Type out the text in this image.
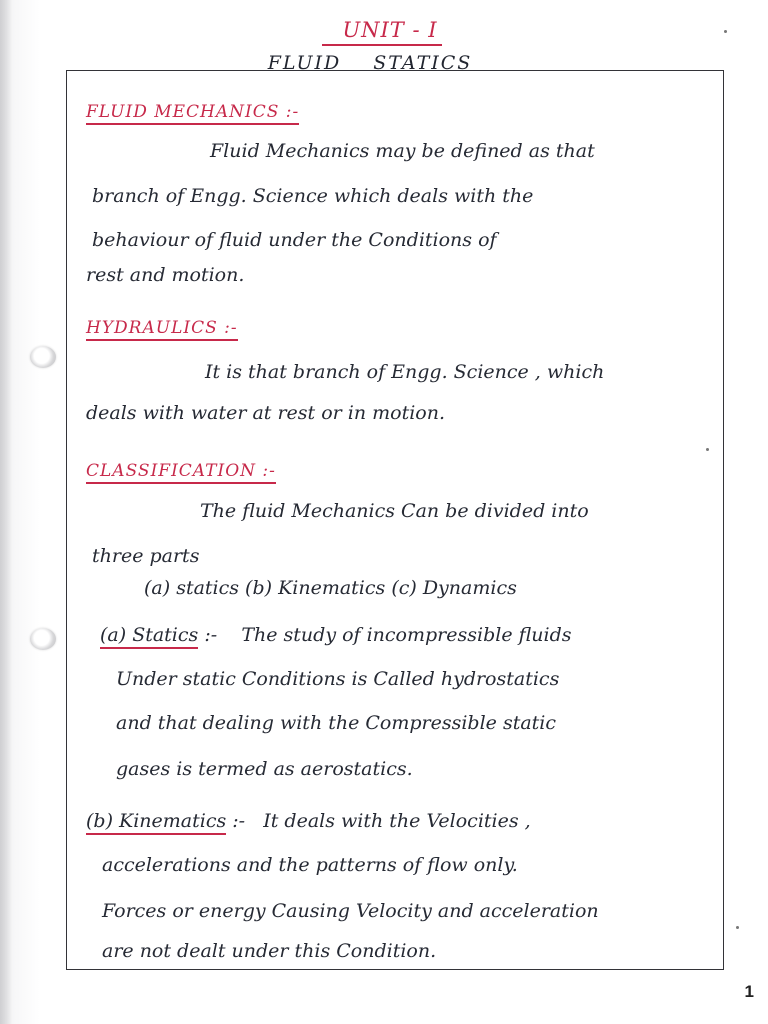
UNIT - I
FLUID STATICS
FLUID MECHANICS :-
Fluid Mechanics may be defined as that
branch of Engg. Science which deals with the
behaviour of fluid under the Conditions of
rest and motion.
HYDRAULICS :-
It is that branch of Engg. Science , which
deals with water at rest or in motion.
CLASSIFICATION :-
The fluid Mechanics Can be divided into
three parts
(a) statics (b) Kinematics (c) Dynamics
(a) Statics :- The study of incompressible fluids
Under static Conditions is Called hydrostatics
and that dealing with the Compressible static
gases is termed as aerostatics.
(b) Kinematics :- It deals with the Velocities ,
accelerations and the patterns of flow only.
Forces or energy Causing Velocity and acceleration
are not dealt under this Condition.
1
